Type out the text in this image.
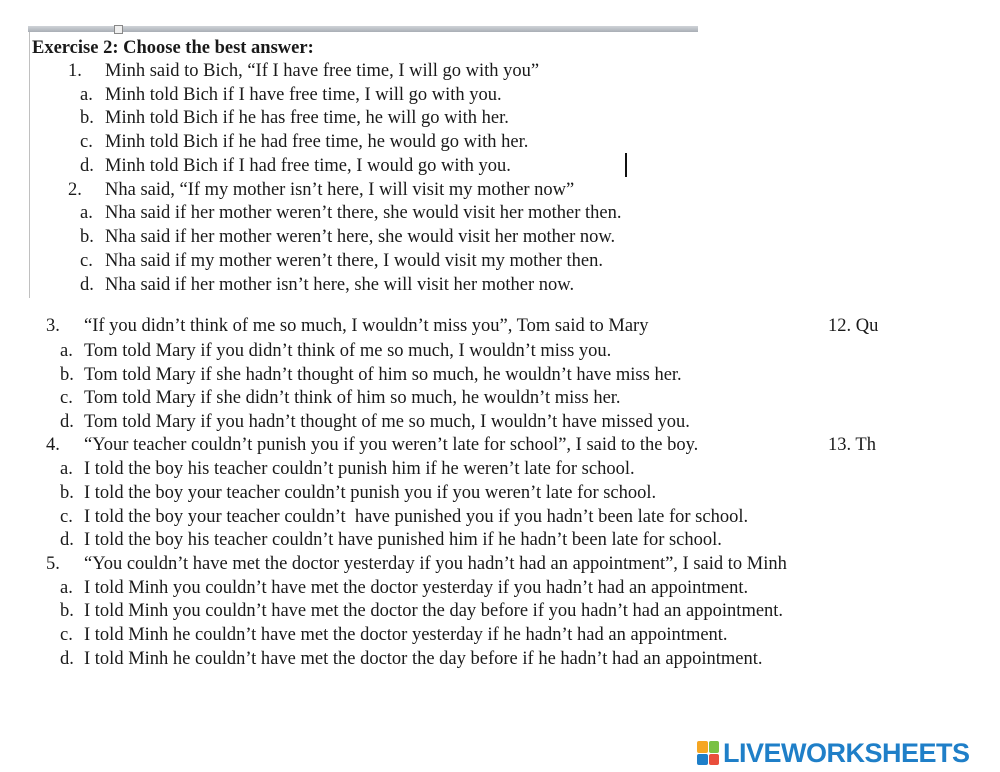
Exercise 2: Choose the best answer:
1. Minh said to Bich, “If I have free time, I will go with you”
a. Minh told Bich if I have free time, I will go with you.
b. Minh told Bich if he has free time, he will go with her.
c. Minh told Bich if he had free time, he would go with her.
d. Minh told Bich if I had free time, I would go with you.
2. Nha said, “If my mother isn’t here, I will visit my mother now”
a. Nha said if her mother weren’t there, she would visit her mother then.
b. Nha said if her mother weren’t here, she would visit her mother now.
c. Nha said if my mother weren’t there, I would visit my mother then.
d. Nha said if her mother isn’t here, she will visit her mother now.
3. “If you didn’t think of me so much, I wouldn’t miss you”, Tom said to Mary	12. Qu
a. Tom told Mary if you didn’t think of me so much, I wouldn’t miss you.
b. Tom told Mary if she hadn’t thought of him so much, he wouldn’t have miss her.
c. Tom told Mary if she didn’t think of him so much, he wouldn’t miss her.
d. Tom told Mary if you hadn’t thought of me so much, I wouldn’t have missed you.
4. “Your teacher couldn’t punish you if you weren’t late for school”, I said to the boy.	13. Th
a. I told the boy his teacher couldn’t punish him if he weren’t late for school.
b. I told the boy your teacher couldn’t punish you if you weren’t late for school.
c. I told the boy your teacher couldn’t  have punished you if you hadn’t been late for school.
d. I told the boy his teacher couldn’t have punished him if he hadn’t been late for school.
5. “You couldn’t have met the doctor yesterday if you hadn’t had an appointment”, I said to Minh
a. I told Minh you couldn’t have met the doctor yesterday if you hadn’t had an appointment.
b. I told Minh you couldn’t have met the doctor the day before if you hadn’t had an appointment.
c. I told Minh he couldn’t have met the doctor yesterday if he hadn’t had an appointment.
d. I told Minh he couldn’t have met the doctor the day before if he hadn’t had an appointment.
LIVEWORKSHEETS
